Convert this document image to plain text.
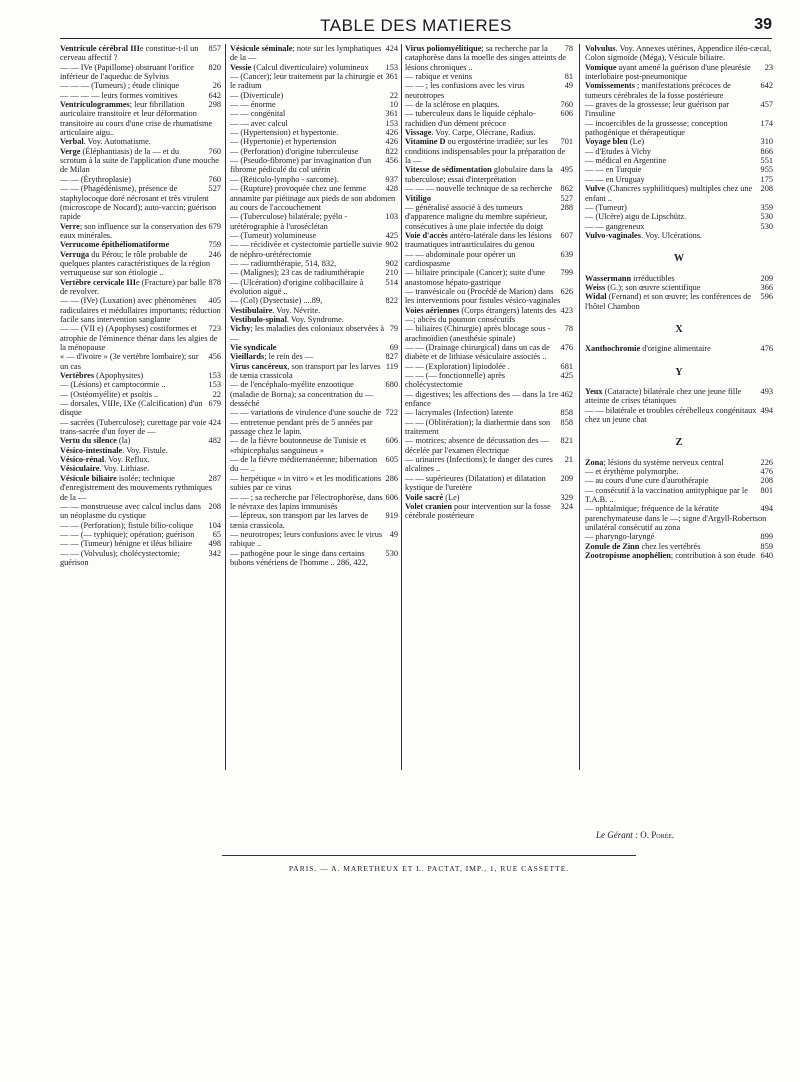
TABLE DES MATIERES	39

857
Ventricule cérébral IIIe constitue-t-il un cerveau affectif ?

820
— — IVe (Papillome) obstruant l'orifice inférieur de l'aqueduc de Sylvius

26
— — — (Tumeurs) ; étude clinique

642
— — — — leurs formes vomitives

298
Ventriculogrammes; leur fibrillation auriculaire transitoire et leur déformation transitoire au cours d'une crise de rhumatisme articulaire aigu..

Verbal. Voy. Automatisme.

760
Verge (Éléphantiasis) de la — et du scrotum à la suite de l'application d'une mouche de Milan

760
— — (Érythroplasie)

527
— — (Phagédénisme), présence de staphylocoque doré nécrosant et très virulent (microscope de Nocard); auto-vaccin; guérison rapide

679
Verre; son influence sur la conservation des eaux minérales.

759
Verrucome épithéliomatiforme

246
Verruga du Pérou; le rôle probable de quelques plantes caractéristiques de la région verruqueuse sur son étiologie ..

878
Vertèbre cervicale IIIe (Fracture) par balle de revolver.

405
— — (IVe) (Luxation) avec phénomènes radiculaires et médullaires importants; réduction facile sans intervention sanglante

723
— — (VII e) (Apophyses) costiformes et atrophie de l'éminence thénar dans les algies de la ménopause

456
« — d'ivoire » (3e vertèbre lombaire); sur un cas

153
Vertèbres (Apophysites)

153
— (Lésions) et camptocormie ..

22
— (Ostéomyélite) et psoïtis ..

679
— dorsales, VIIIe, IXe (Calcification) d'un disque

424
— sacrées (Tuberculose); curettage par voie trans-sacrée d'un foyer de —

482
Vertu du silence (la)

Vésico-intestinale. Voy. Fistule.

Vésico-rénal. Voy. Reflux.

Vésiculaire. Voy. Lithiase.

287
Vésicule biliaire isolée; technique d'enregistrement des mouvements rythmiques de la —

208
— — monstrueuse avec calcul inclus dans un néoplasme du cystique

104
— — (Perforation); fistule bilio-colique

65
— — (— typhique); opération; guérison

498
— — (Tumeur) bénigne et iléus biliaire

342
— — (Volvulus); cholécystectomie; guérison

424
Vésicule séminale; note sur les lymphatiques de la —

153
Vessie (Calcul diverticulaire) volumineux

361
— (Cancer); leur traitement par la chirurgie et le radium

22
— (Diverticule)

10
— — énorme

361
— — congénital

153
— — avec calcul

426
— (Hypertension) et hypertonie.

426
— (Hypertonie) et hypertension

822
— (Perforation) d'origine tuberculeuse

456
— (Pseudo-fibrome) par invagination d'un fibrome pédiculé du col utérin

937
— (Réticulo-lympho - sarcome).

428
— (Rupture) provoquée chez une femme annamite par piétinage aux pieds de son abdomen au cours de l'accouchement

103
— (Tuberculose) bilatérale; pyélo - urétérographie à l'uroséclétan

425
— (Tumeur) volumineuse

902
— — récidivée et cystectomie partielle suivie de néphro-urétérectomie

902
— — radiumthérapie, 514, 832,

210
— (Malignes); 23 cas de radiumthérapie

514
— (Ulcération) d'origine colibacillaire à évolution aiguë ..

822
— (Col) (Dysectasie) ....89,

Vestibulaire. Voy. Névrite.

Vestibulo-spinal. Voy. Syndrome.

79
Vichy; les maladies des coloniaux observées à —

69
Vie syndicale

827
Vieillards; le rein des —

119
Virus cancéreux, son transport par les larves de tænia crassicola

680
— de l'encéphalo-myélite enzootique (maladie de Borna); sa concentration du — desséché

722
— — variations de virulence d'une souche de — entretenue pendant près de 5 années par passage chez le lapin.

606
— de la fièvre boutonneuse de Tunisie et «rhipicephalus sanguineus »

605
— de la fièvre méditerranéenne; hibernation du — ..

286
— herpétique « in vitro » et les modifications subies par ce virus

606
— — ; sa recherche par l'électrophorèse, dans le névraxe des lapins immunisés

919
— lépreux, son transport par les larves de tænia crassicola.

49
— neurotropes; leurs confusions avec le virus rabique ..

530
— pathogène pour le singe dans certains bubons vénériens de l'homme .. 286, 422,

78
Virus poliomyélitique; sa recherche par la cataphorèse dans la moelle des singes atteints de lésions chroniques ..

81
— rabique et venins

49
— — ; les confusions avec les virus neurotropes

760
— de la sclérose en plaques.

606
— tuberculeux dans le liquide céphalo-rachidien d'un dément précoce

Vissage. Voy. Carpe, Olécrane, Radius.

701
Vitamine D ou ergostérine irradiée; sur les conditions indispensables pour la préparation de la —

495
Vitesse de sédimentation globulaire dans la tuberculose; essai d'interprétation

862
— — — nouvelle technique de sa recherche

527
Vitiligo

288
— généralisé associé à des tumeurs d'apparence maligne du membre supérieur, consécutives à une plaie infectée du doigt

607
Voie d'accès antéro-latérale dans les lésions traumatiques intraarticulaires du genou

639
— — abdominale pour opérer un cardiospasme

799
— biliaire principale (Cancer); suite d'une anastomose hépato-gastrique

626
— tranvésicale ou (Procédé de Marion) dans les interventions pour fistules vésico-vaginales

423
Voies aériennes (Corps étrangers) latents des —; abcès du poumon consécutifs

78
— biliaires (Chirurgie) après blocage sous - arachnoïdien (anesthésie spinale)

476
— — (Drainage chirurgical) dans un cas de diabète et de lithiase vésiculaire associés ..

681
— — (Exploration) lipiodolée .

425
— — (— fonctionnelle) après cholécystectomie

462
— digestives; les affections des — dans la 1re enfance

858
— lacrymales (Infection) latente

858
— — (Oblitération); la diathermie dans son traitement

821
— motrices; absence de décussation des — décelée par l'examen électrique

21
— urinaires (Infections); le danger des cures alcalines ..

209
— — supérieures (Dilatation) et dilatation kystique de l'uretère

329
Voile sacré (Le)

324
Volet cranien pour intervention sur la fosse cérébrale postérieure

Volvulus. Voy. Annexes utérines, Appendice iléo-cæcal, Colon sigmoïde (Méga), Vésicule biliaire.

23
Vomique ayant amené la guérison d'une pleurésie interlobaire post-pneumonique

642
Vomissements ; manifestations précoces de tumeurs cérébrales de la fosse postérieure

457
— graves de la grossesse; leur guérison par l'insuline

174
— incoercibles de la grossesse; conception pathogénique et thérapeutique

310
Voyage bleu (Le)

866
— d'Etudes à Vichy

551
— médical en Argentine

955
— — en Turquie

175
— — en Uruguay

208
Vulve (Chancres syphilitiques) multiples chez une enfant ..

359
— (Tumeur)

530
— (Ulcère) aigu de Lipschütz.

530
— — gangreneux

Vulvo-vaginales. Voy. Ulcérations.

W

209
Wassermann irréductibles

366
Weiss (G.); son œuvre scientifique

596
Widal (Fernand) et son œuvre; les conférences de l'hôtel Chambon

X

476
Xanthochromie d'origine alimentaire

Y

493
Yeux (Cataracte) bilatérale chez une jeune fille atteinte de crises tétaniques

494
— — bilatérale et troubles cérébelleux congénitaux chez un jeune chat

Z

226
Zona; lésions du système nerveux central

476
— et érythème polymorphe.

208
— au cours d'une cure d'aurothérapie

801
— consécutif à la vaccination antityphique par le T.A.B. ..

494
— ophtalmique; fréquence de la kératite parenchymateuse dans le —; signe d'Argyll-Robertson unilatéral consécutif au zona

899
— pharyngo-laryngé

859
Zonule de Zinn chez les vertébrés

640
Zootropisme anophélien; contribution à son étude

Le Gérant : O. Porée.
PARIS. — A. MARETHEUX ET L. PACTAT, IMP., 1, RUE CASSETTE.
